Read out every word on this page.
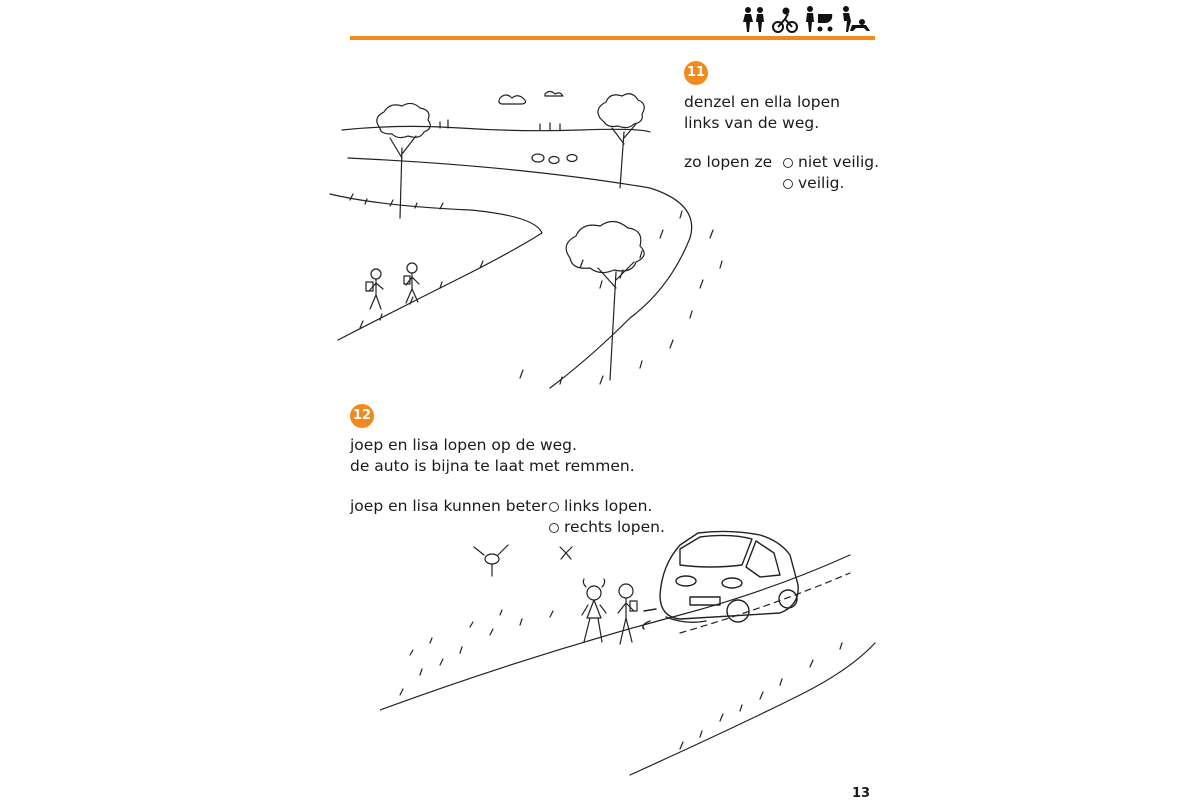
11
denzel en ella lopen
links van de weg.
zo lopen ze niet veilig.
veilig.
12
joep en lisa lopen op de weg.
de auto is bijna te laat met remmen.
joep en lisa kunnen beter links lopen.
rechts lopen.
13
